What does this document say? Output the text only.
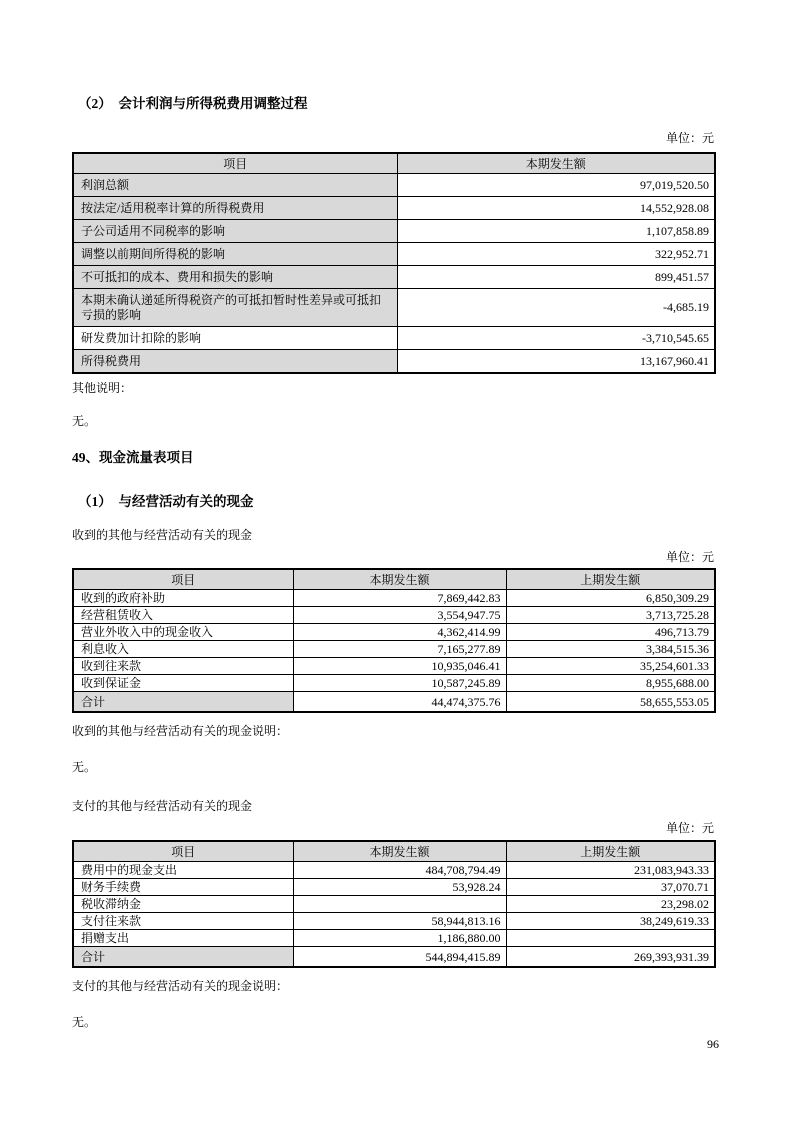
（2）　会计利润与所得税费用调整过程

单位：元

项目	本期发生额
利润总额	97,019,520.50
按法定/适用税率计算的所得税费用	14,552,928.08
子公司适用不同税率的影响	1,107,858.89
调整以前期间所得税的影响	322,952.71
不可抵扣的成本、费用和损失的影响	899,451.57
本期未确认递延所得税资产的可抵扣暂时性差异或可抵扣亏损的影响	-4,685.19
研发费加计扣除的影响	-3,710,545.65
所得税费用	13,167,960.41

其他说明：

无。

49、现金流量表项目

（1）　与经营活动有关的现金

收到的其他与经营活动有关的现金

单位：元

项目	本期发生额	上期发生额
收到的政府补助	7,869,442.83	6,850,309.29
经营租赁收入	3,554,947.75	3,713,725.28
营业外收入中的现金收入	4,362,414.99	496,713.79
利息收入	7,165,277.89	3,384,515.36
收到往来款	10,935,046.41	35,254,601.33
收到保证金	10,587,245.89	8,955,688.00
合计	44,474,375.76	58,655,553.05

收到的其他与经营活动有关的现金说明：

无。

支付的其他与经营活动有关的现金

单位：元

项目	本期发生额	上期发生额
费用中的现金支出	484,708,794.49	231,083,943.33
财务手续费	53,928.24	37,070.71
税收滞纳金		23,298.02
支付往来款	58,944,813.16	38,249,619.33
捐赠支出	1,186,880.00	
合计	544,894,415.89	269,393,931.39

支付的其他与经营活动有关的现金说明：

无。

96
